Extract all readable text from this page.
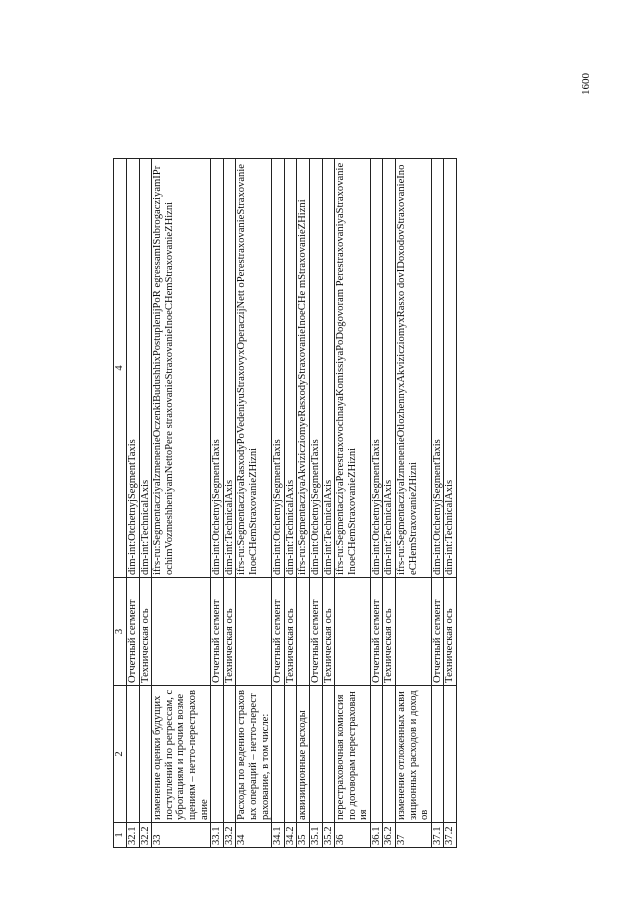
1	2	3	4
32.1		Отчетный сегмент	dim-int:OtchetnyjSegmentTaxis
32.2		Техническая ось	dim-int:TechnicalAxis
33	изменение оценки будущих поступлений по регрессам, суброгациям и прочим возмещениям – нетто-перестрахование		ifrs-ru:SegmentacziyaIzmenenieOczenkiBudushhixPostuplenijPoR egressamISubrogacziyamIProchimVozmeshheniyamNettoPere straxovanieStraxovanieInoeCHemStraxovanieZHizni
33.1		Отчетный сегмент	dim-int:OtchetnyjSegmentTaxis
33.2		Техническая ось	dim-int:TechnicalAxis
34	Расходы по ведению страховых операций – нетто-перестрахование, в том числе:		ifrs-ru:SegmentacziyaRasxodyPoVedeniyuStraxovyxOperaczijNett oPerestraxovanieStraxovanieInoeCHemStraxovanieZHizni
34.1		Отчетный сегмент	dim-int:OtchetnyjSegmentTaxis
34.2		Техническая ось	dim-int:TechnicalAxis
35	аквизиционные расходы		ifrs-ru:SegmentacziyaAkvizicziomyeRasxodyStraxovanieInoeCHe mStraxovanieZHizni
35.1		Отчетный сегмент	dim-int:OtchetnyjSegmentTaxis
35.2		Техническая ось	dim-int:TechnicalAxis
36	перестраховочная комиссия по договорам перестрахования		ifrs-ru:SegmentacziyaPerestraxovochnayaKomissiyaPoDogovoram PerestraxovaniyaStraxovanieInoeCHemStraxovanieZHizni
36.1		Отчетный сегмент	dim-int:OtchetnyjSegmentTaxis
36.2		Техническая ось	dim-int:TechnicalAxis
37	изменение отложенных аквизиционных расходов и доходов		ifrs-ru:SegmentacziyaIzmenenieOtlozhennyxAkvizicziomyxRasxo dovIDoxodovStraxovanieInoeCHemStraxovanieZHizni
37.1		Отчетный сегмент	dim-int:OtchetnyjSegmentTaxis
37.2		Техническая ось	dim-int:TechnicalAxis
1600
